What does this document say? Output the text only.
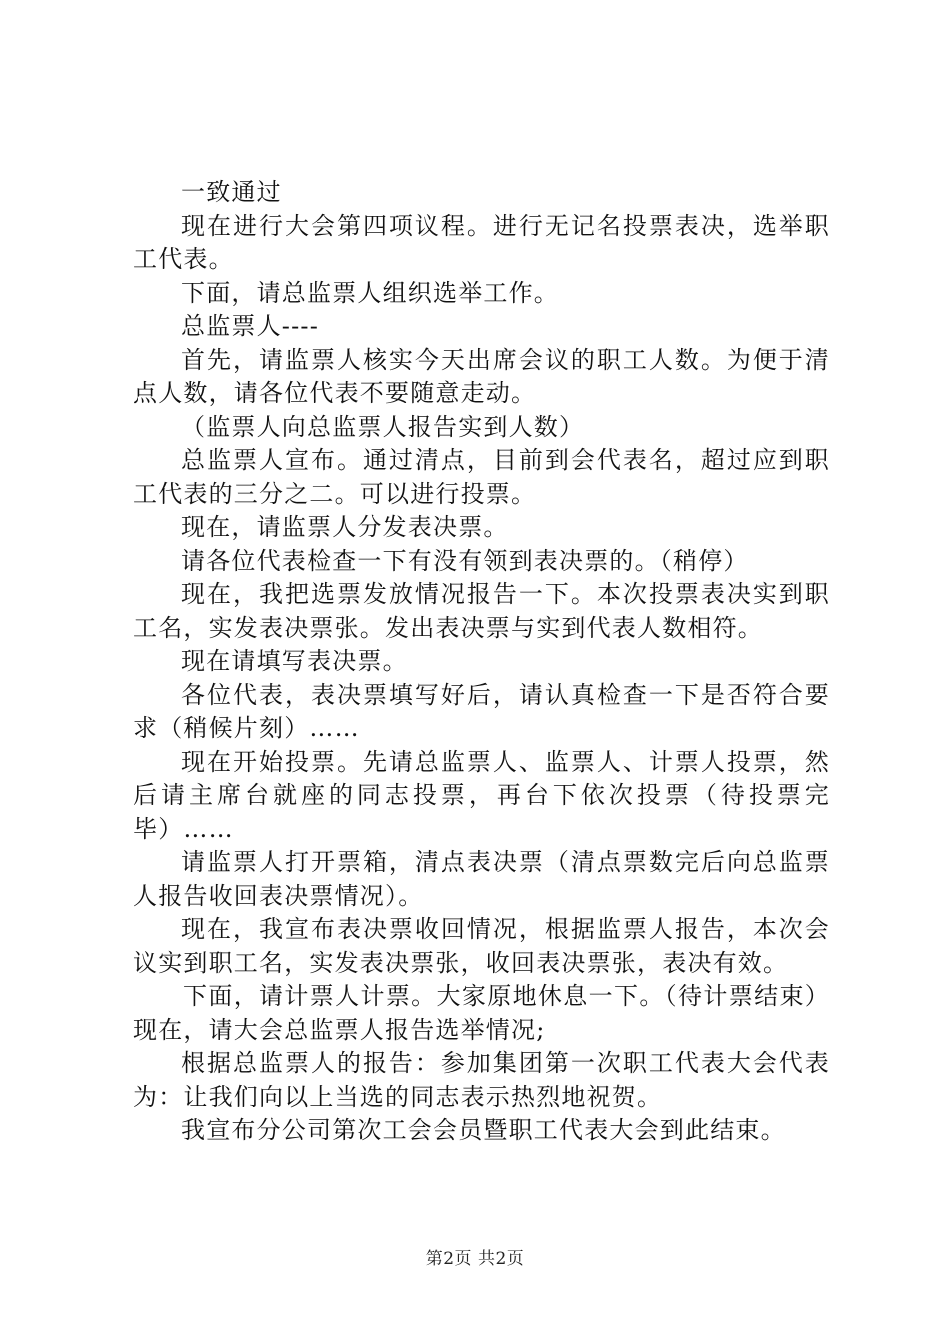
一致通过

现在进行大会第四项议程。进行无记名投票表决，选举职工代表。

下面，请总监票人组织选举工作。

总监票人----

首先，请监票人核实今天出席会议的职工人数。为便于清点人数，请各位代表不要随意走动。

（监票人向总监票人报告实到人数）

总监票人宣布。通过清点，目前到会代表名，超过应到职工代表的三分之二。可以进行投票。

现在，请监票人分发表决票。

请各位代表检查一下有没有领到表决票的。（稍停）

现在，我把选票发放情况报告一下。本次投票表决实到职工名，实发表决票张。发出表决票与实到代表人数相符。

现在请填写表决票。

各位代表，表决票填写好后，请认真检查一下是否符合要求（稍候片刻）……

现在开始投票。先请总监票人、监票人、计票人投票，然后请主席台就座的同志投票，再台下依次投票（待投票完毕）……

请监票人打开票箱，清点表决票（清点票数完后向总监票人报告收回表决票情况）。

现在，我宣布表决票收回情况，根据监票人报告，本次会议实到职工名，实发表决票张，收回表决票张，表决有效。

下面，请计票人计票。大家原地休息一下。（待计票结束）现在，请大会总监票人报告选举情况;

根据总监票人的报告：参加集团第一次职工代表大会代表为：让我们向以上当选的同志表示热烈地祝贺。

我宣布分公司第次工会会员暨职工代表大会到此结束。

第2页 共2页
